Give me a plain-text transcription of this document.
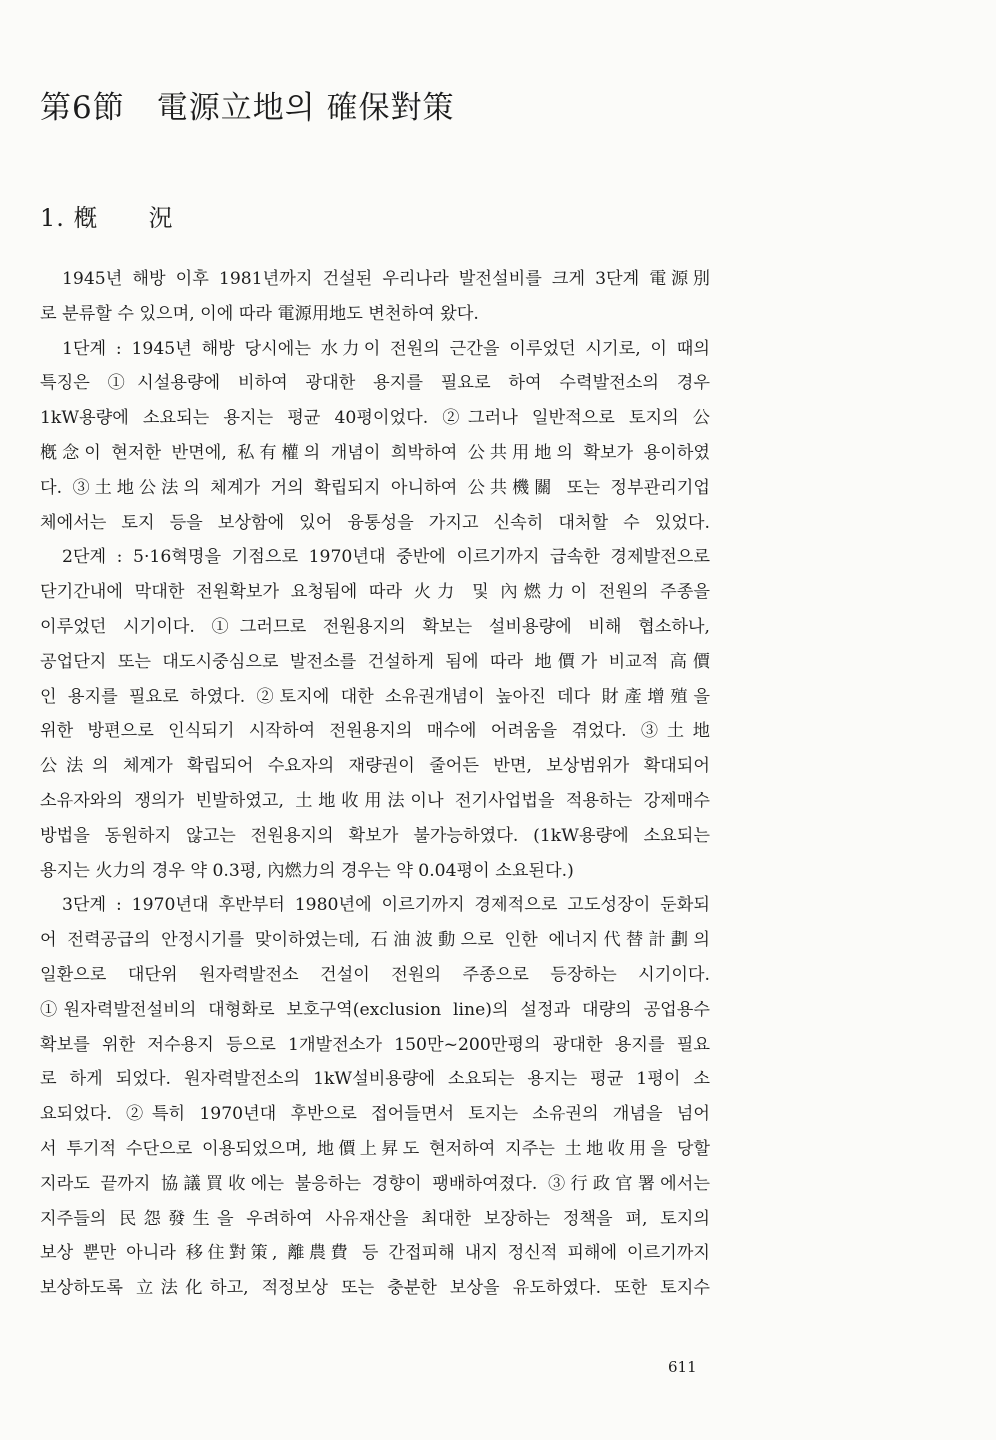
第6節　電源立地의 確保對策
1. 槪　　況
1945년 해방 이후 1981년까지 건설된 우리나라 발전설비를 크게 3단계 電源別
로 분류할 수 있으며, 이에 따라 電源用地도 변천하여 왔다.
1단계 : 1945년 해방 당시에는 水力이 전원의 근간을 이루었던 시기로, 이 때의
특징은 ①시설용량에 비하여 광대한 용지를 필요로 하여 수력발전소의 경우
1kW용량에 소요되는 용지는 평균 40평이었다. ②그러나 일반적으로 토지의 公
槪念이 현저한 반면에, 私有權의 개념이 희박하여 公共用地의 확보가 용이하였
다. ③土地公法의 체계가 거의 확립되지 아니하여 公共機關 또는 정부관리기업
체에서는 토지 등을 보상함에 있어 융통성을 가지고 신속히 대처할 수 있었다.
2단계 : 5·16혁명을 기점으로 1970년대 중반에 이르기까지 급속한 경제발전으로
단기간내에 막대한 전원확보가 요청됨에 따라 火力 및 內燃力이 전원의 주종을
이루었던 시기이다. ①그러므로 전원용지의 확보는 설비용량에 비해 협소하나,
공업단지 또는 대도시중심으로 발전소를 건설하게 됨에 따라 地價가 비교적 高價
인 용지를 필요로 하였다. ②토지에 대한 소유권개념이 높아진 데다 財產增殖을
위한 방편으로 인식되기 시작하여 전원용지의 매수에 어려움을 겪었다. ③土地
公法의 체계가 확립되어 수요자의 재량권이 줄어든 반면, 보상범위가 확대되어
소유자와의 쟁의가 빈발하였고, 土地收用法이나 전기사업법을 적용하는 강제매수
방법을 동원하지 않고는 전원용지의 확보가 불가능하였다. (1kW용량에 소요되는
용지는 火力의 경우 약 0.3평, 內燃力의 경우는 약 0.04평이 소요된다.)
3단계 : 1970년대 후반부터 1980년에 이르기까지 경제적으로 고도성장이 둔화되
어 전력공급의 안정시기를 맞이하였는데, 石油波動으로 인한 에너지代替計劃의
일환으로 대단위 원자력발전소 건설이 전원의 주종으로 등장하는 시기이다.
①원자력발전설비의 대형화로 보호구역(exclusion line)의 설정과 대량의 공업용수
확보를 위한 저수용지 등으로 1개발전소가 150만~200만평의 광대한 용지를 필요
로 하게 되었다. 원자력발전소의 1kW설비용량에 소요되는 용지는 평균 1평이 소
요되었다. ②특히 1970년대 후반으로 접어들면서 토지는 소유권의 개념을 넘어
서 투기적 수단으로 이용되었으며, 地價上昇도 현저하여 지주는 土地收用을 당할
지라도 끝까지 協議買收에는 불응하는 경향이 팽배하여졌다. ③行政官署에서는
지주들의 民怨發生을 우려하여 사유재산을 최대한 보장하는 정책을 펴, 토지의
보상 뿐만 아니라 移住對策, 離農費 등 간접피해 내지 정신적 피해에 이르기까지
보상하도록 立法化하고, 적정보상 또는 충분한 보상을 유도하였다. 또한 토지수
611
